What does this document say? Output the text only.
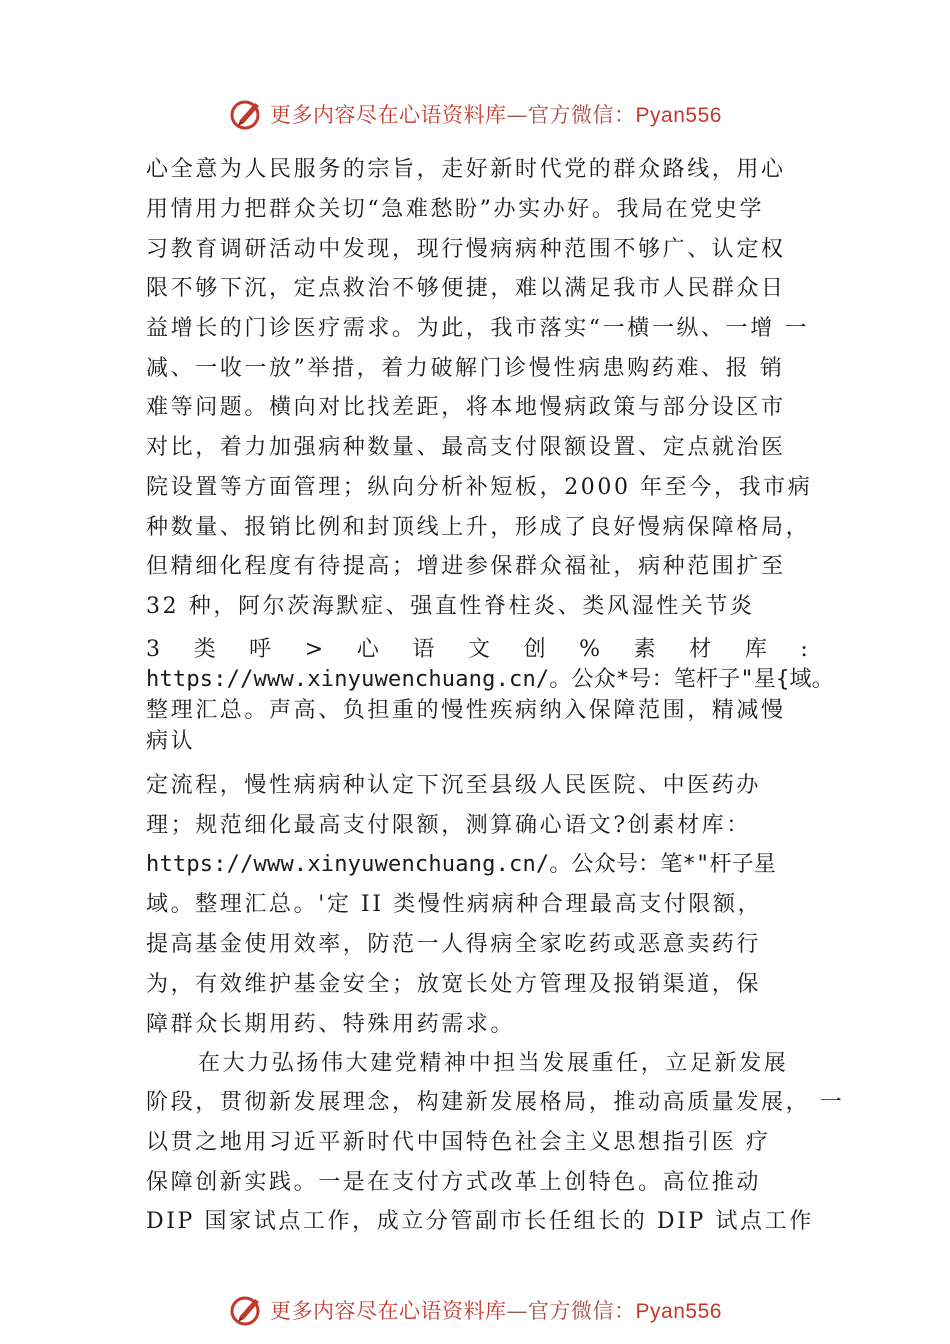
更多内容尽在心语资料库—官方微信：Pyan556
心全意为人民服务的宗旨，走好新时代党的群众路线，用心
用情用力把群众关切“急难愁盼”办实办好。我局在党史学
习教育调研活动中发现，现行慢病病种范围不够广、认定权
限不够下沉，定点救治不够便捷，难以满足我市人民群众日
益增长的门诊医疗需求。为此，我市落实“一横一纵、一增 一
减、一收一放”举措，着力破解门诊慢性病患购药难、报 销
难等问题。横向对比找差距，将本地慢病政策与部分设区市
对比，着力加强病种数量、最高支付限额设置、定点就治医
院设置等方面管理；纵向分析补短板，2000 年至今，我市病
种数量、报销比例和封顶线上升，形成了良好慢病保障格局，
但精细化程度有待提高；增进参保群众福祉，病种范围扩至
32 种，阿尔茨海默症、强直性脊柱炎、类风湿性关节炎
3 类 呼 > 心 语 文 创 % 素 材 库 :
https://www.xinyuwenchuang.cn/。公众*号：笔杆子"星{域。
整理汇总。声高、负担重的慢性疾病纳入保障范围，精减慢
病认
定流程，慢性病病种认定下沉至县级人民医院、中医药办
理；规范细化最高支付限额，测算确心语文?创素材库：
https://www.xinyuwenchuang.cn/。公众号：笔*"杆子星
域。整理汇总。'定 II 类慢性病病种合理最高支付限额，
提高基金使用效率，防范一人得病全家吃药或恶意卖药行
为，有效维护基金安全；放宽长处方管理及报销渠道，保
障群众长期用药、特殊用药需求。
在大力弘扬伟大建党精神中担当发展重任，立足新发展
阶段，贯彻新发展理念，构建新发展格局，推动高质量发展， 一
以贯之地用习近平新时代中国特色社会主义思想指引医 疗
保障创新实践。一是在支付方式改革上创特色。高位推动
DIP 国家试点工作，成立分管副市长任组长的 DIP 试点工作
更多内容尽在心语资料库—官方微信：Pyan556
